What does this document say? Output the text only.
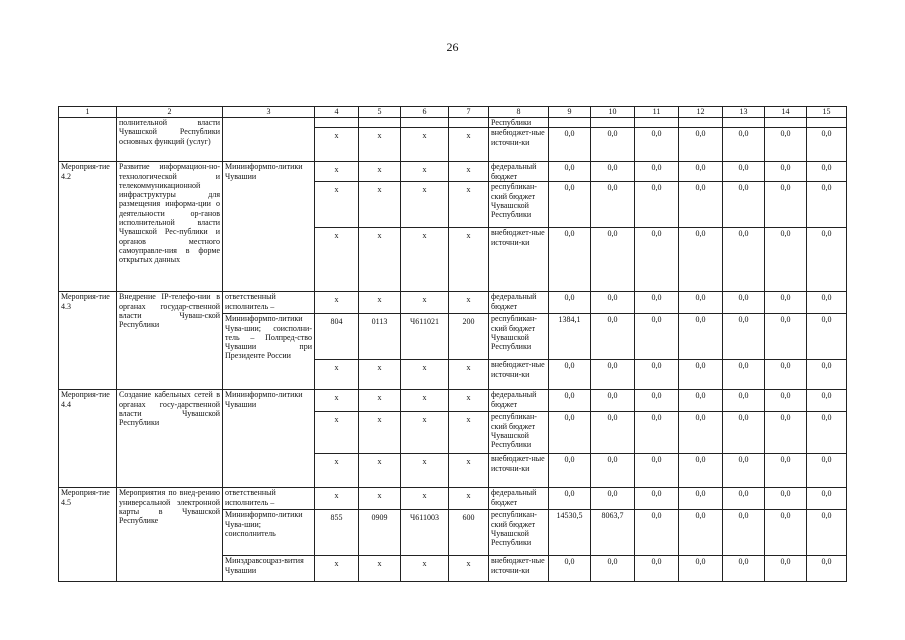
26
1	2	3	4	5	6	7	8	9	10	11	12	13	14	15
	полнительной власти Чувашской Республики основных функций (услуг)						Республики							
			x	x	x	x	внебюджет-ные источни-ки	0,0	0,0	0,0	0,0	0,0	0,0	0,0
Мероприя-тие 4.2	Развитие информацион-но-технологической и телекоммуникационной инфраструктуры для размещения информа-ции о деятельности ор-ганов исполнительной власти Чувашской Рес-публики и органов местного самоуправле-ния в форме открытых данных	Мининформпо-литики Чувашии	x	x	x	x	федеральный бюджет	0,0	0,0	0,0	0,0	0,0	0,0	0,0
			x	x	x	x	республикан-ский бюджет Чувашской Республики	0,0	0,0	0,0	0,0	0,0	0,0	0,0
			x	x	x	x	внебюджет-ные источни-ки	0,0	0,0	0,0	0,0	0,0	0,0	0,0
Мероприя-тие 4.3	Внедрение IP-телефо-нии в органах государ-ственной власти Чуваш-ской Республики	ответственный исполнитель –	x	x	x	x	федеральный бюджет	0,0	0,0	0,0	0,0	0,0	0,0	0,0
		Мининформпо-литики Чува-шии; соисполни-тель – Полпред-ство Чувашии при Президенте России	804	0113	Ч611021	200	республикан-ский бюджет Чувашской Республики	1384,1	0,0	0,0	0,0	0,0	0,0	0,0
			x	x	x	x	внебюджет-ные источни-ки	0,0	0,0	0,0	0,0	0,0	0,0	0,0
Мероприя-тие 4.4	Создание кабельных сетей в органах госу-дарственной власти Чувашской Республики	Мининформпо-литики Чувашии	x	x	x	x	федеральный бюджет	0,0	0,0	0,0	0,0	0,0	0,0	0,0
			x	x	x	x	республикан-ский бюджет Чувашской Республики	0,0	0,0	0,0	0,0	0,0	0,0	0,0
			x	x	x	x	внебюджет-ные источни-ки	0,0	0,0	0,0	0,0	0,0	0,0	0,0
Мероприя-тие 4.5	Мероприятия по внед-рению универсальной электронной карты в Чувашской Республике	ответственный исполнитель –	x	x	x	x	федеральный бюджет	0,0	0,0	0,0	0,0	0,0	0,0	0,0
		Мининформпо-литики Чува-шии; соисполнитель	855	0909	Ч611003	600	республикан-ский бюджет Чувашской Республики	14530,5	8063,7	0,0	0,0	0,0	0,0	0,0
		Минздравсоцраз-вития Чувашии	x	x	x	x	внебюджет-ные источни-ки	0,0	0,0	0,0	0,0	0,0	0,0	0,0
